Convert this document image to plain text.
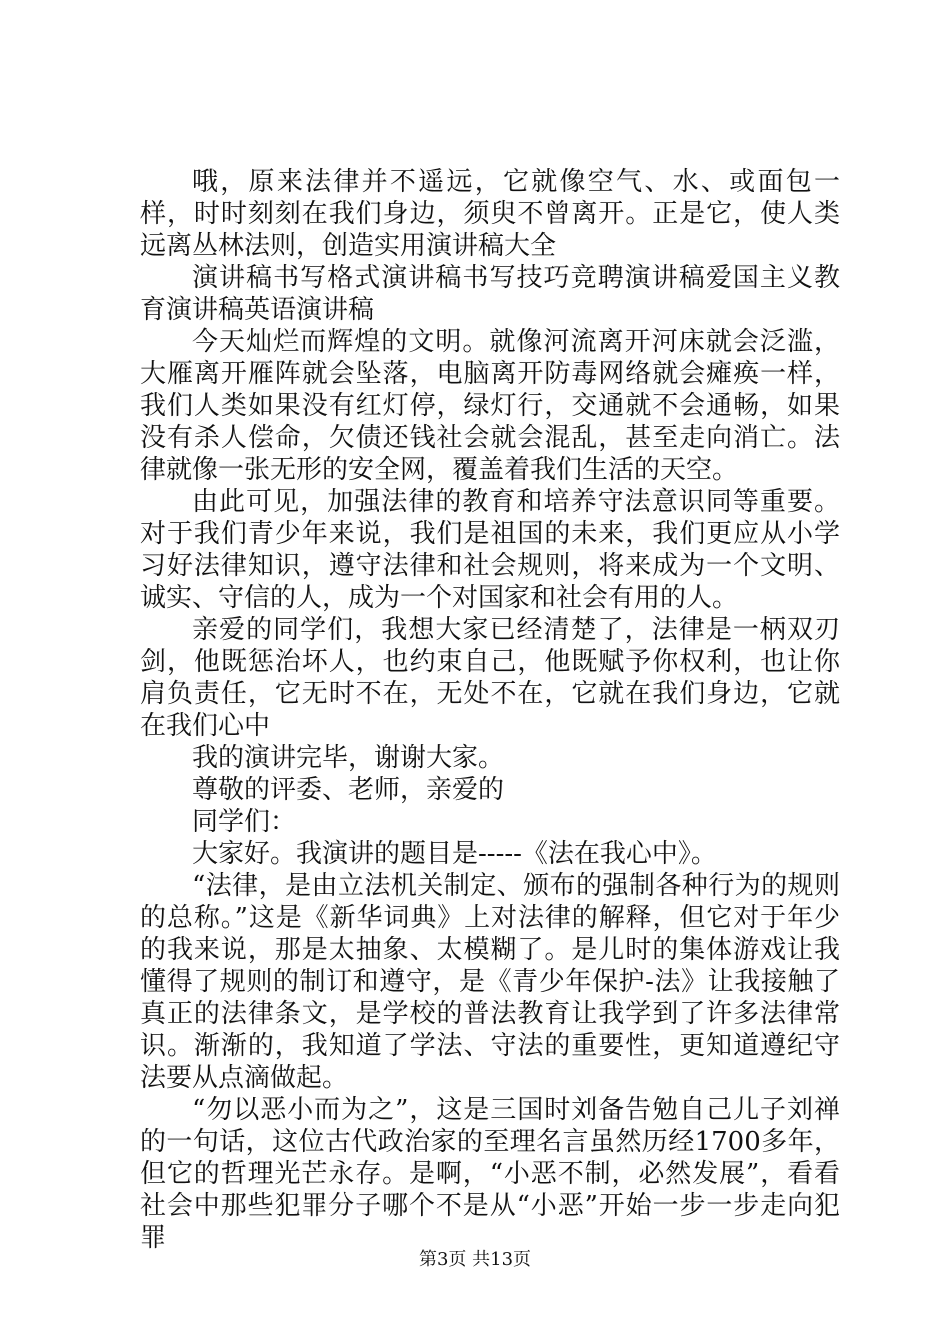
哦，原来法律并不遥远，它就像空气、水、或面包一样，时时刻刻在我们身边，须臾不曾离开。正是它，使人类远离丛林法则，创造实用演讲稿大全

演讲稿书写格式演讲稿书写技巧竞聘演讲稿爱国主义教育演讲稿英语演讲稿

今天灿烂而辉煌的文明。就像河流离开河床就会泛滥，大雁离开雁阵就会坠落，电脑离开防毒网络就会瘫痪一样，我们人类如果没有红灯停，绿灯行，交通就不会通畅，如果没有杀人偿命，欠债还钱社会就会混乱，甚至走向消亡。法律就像一张无形的安全网，覆盖着我们生活的天空。

由此可见，加强法律的教育和培养守法意识同等重要。对于我们青少年来说，我们是祖国的未来，我们更应从小学习好法律知识，遵守法律和社会规则，将来成为一个文明、诚实、守信的人，成为一个对国家和社会有用的人。

亲爱的同学们，我想大家已经清楚了，法律是一柄双刃剑，他既惩治坏人，也约束自己，他既赋予你权利，也让你肩负责任，它无时不在，无处不在，它就在我们身边，它就在我们心中

我的演讲完毕，谢谢大家。

尊敬的评委、老师，亲爱的

同学们：

大家好。我演讲的题目是-----《法在我心中》。

“法律，是由立法机关制定、颁布的强制各种行为的规则的总称。”这是《新华词典》上对法律的解释，但它对于年少的我来说，那是太抽象、太模糊了。是儿时的集体游戏让我懂得了规则的制订和遵守，是《青少年保护-法》让我接触了真正的法律条文，是学校的普法教育让我学到了许多法律常识。渐渐的，我知道了学法、守法的重要性，更知道遵纪守法要从点滴做起。

“勿以恶小而为之”，这是三国时刘备告勉自己儿子刘禅的一句话，这位古代政治家的至理名言虽然历经1700多年，但它的哲理光芒永存。是啊，“小恶不制，必然发展”，看看社会中那些犯罪分子哪个不是从“小恶”开始一步一步走向犯罪

第3页 共13页
